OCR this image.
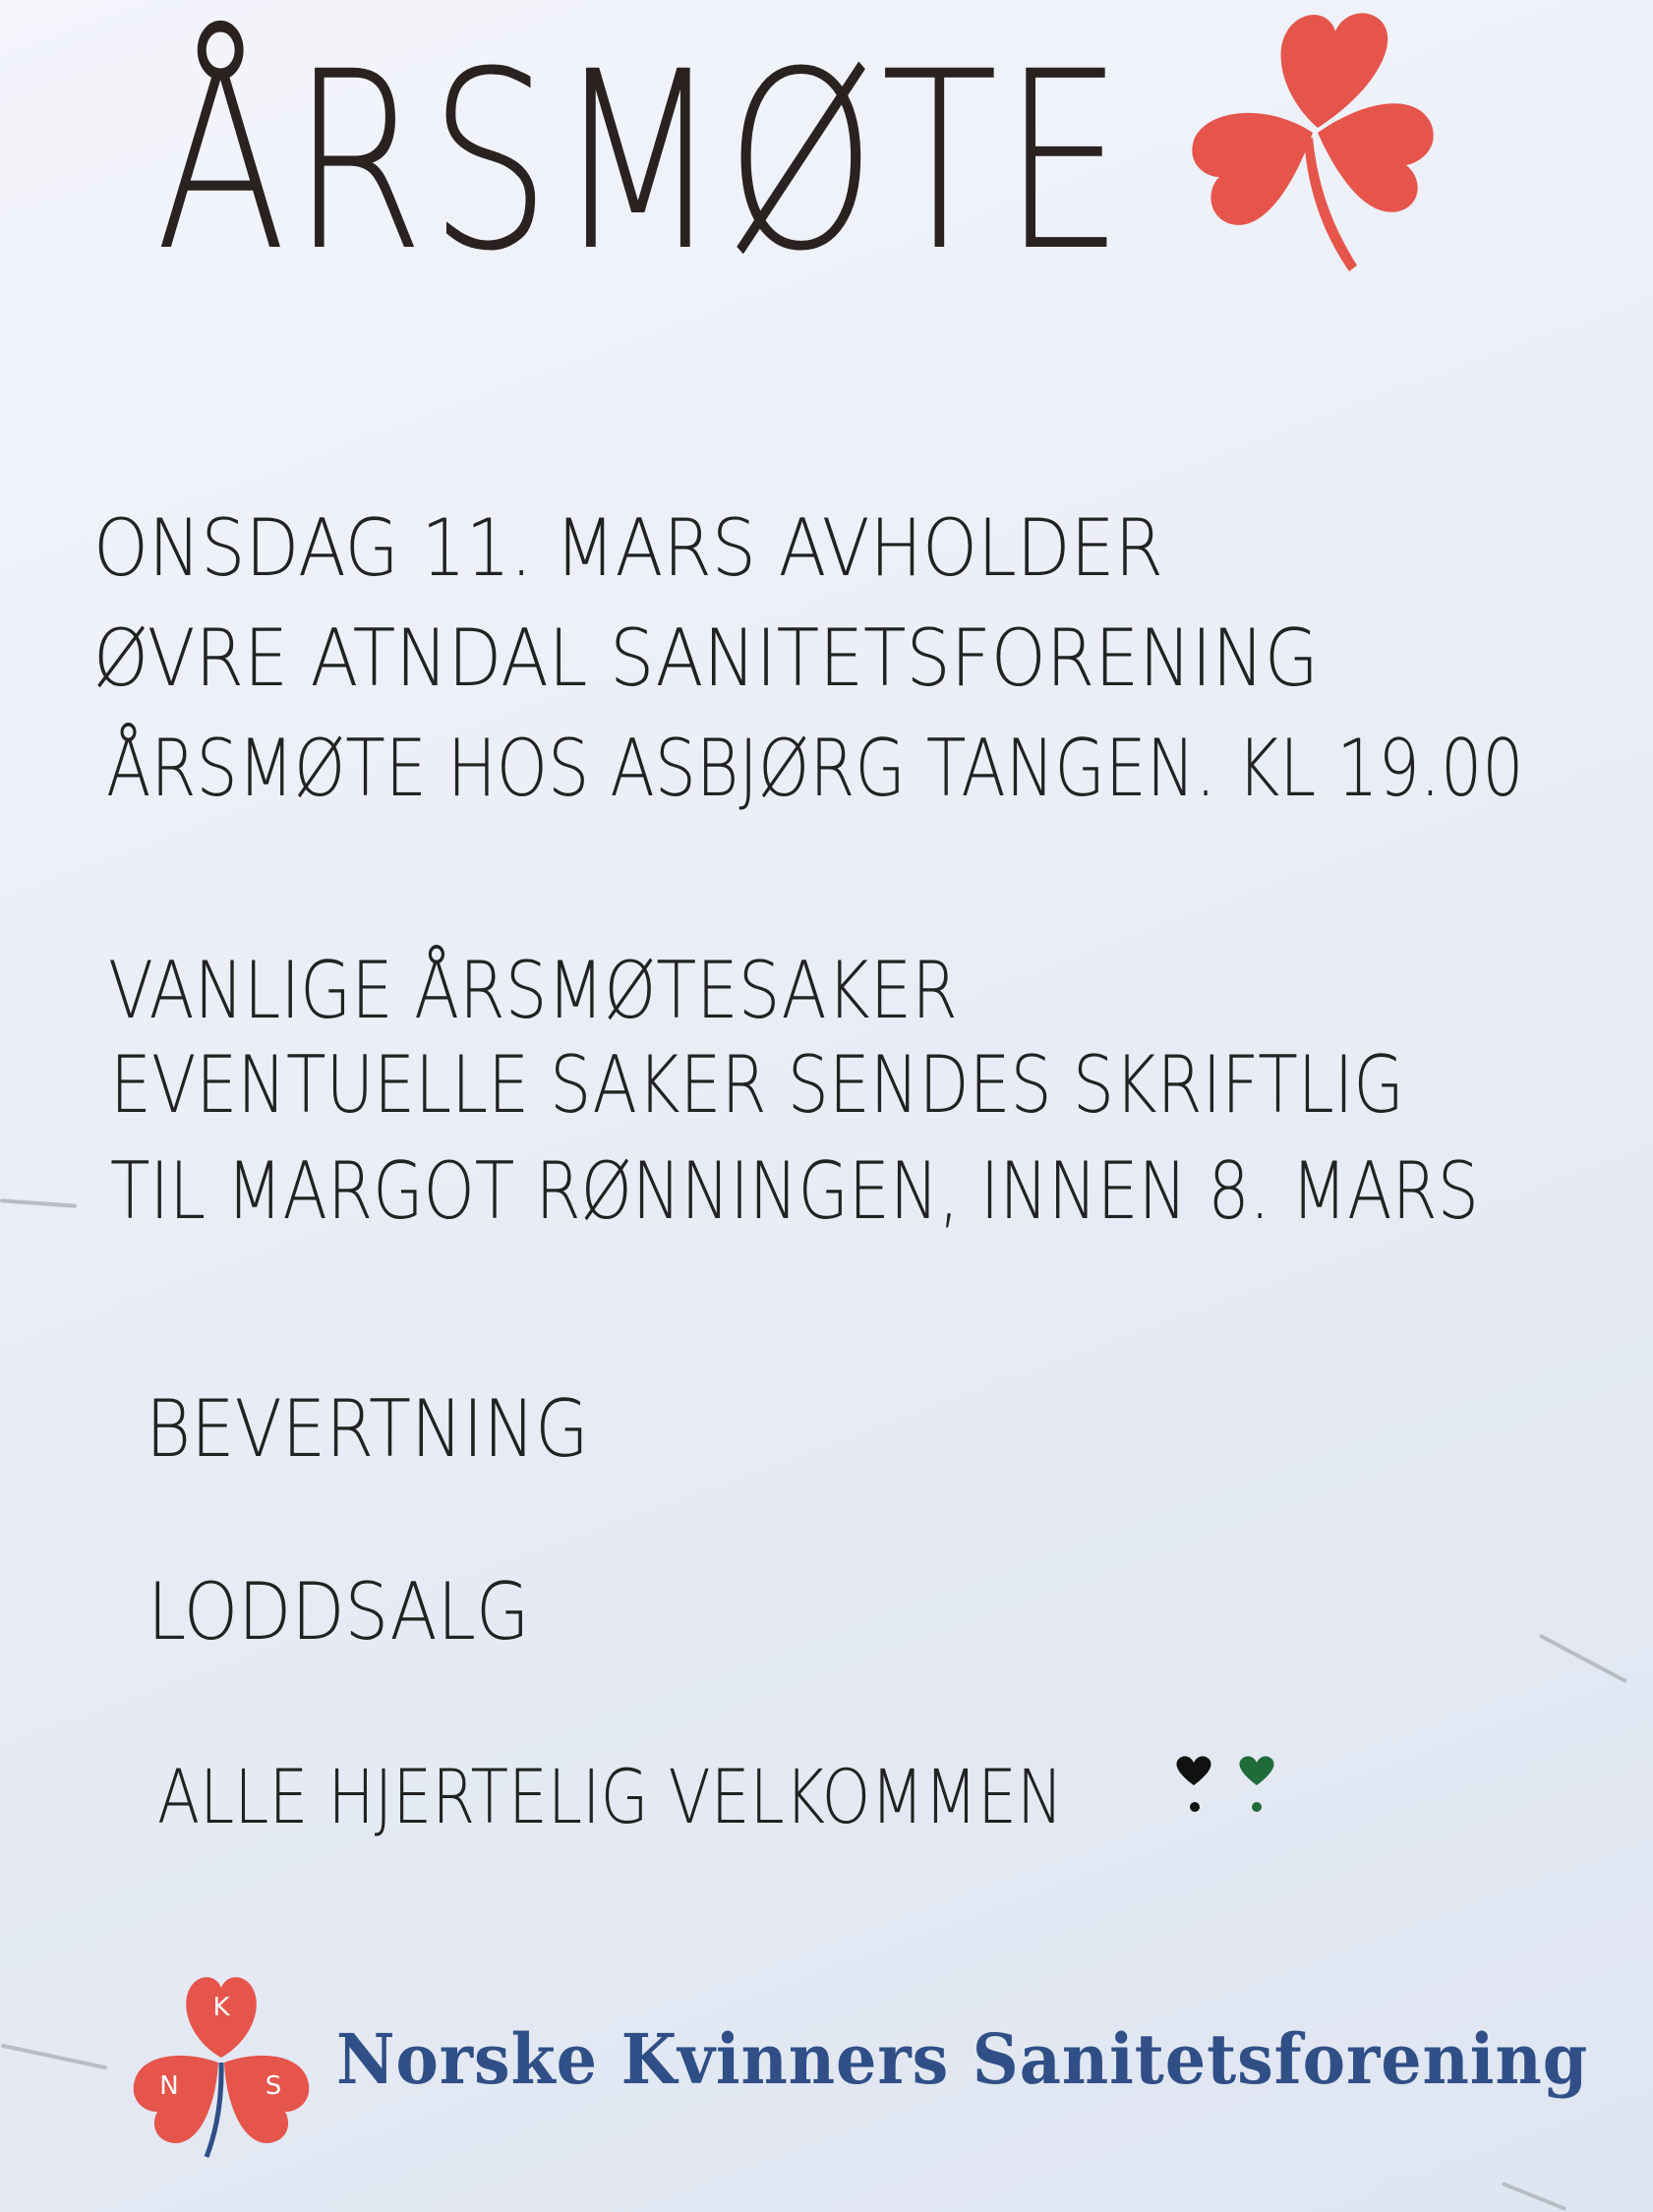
ÅRSMØTE
ONSDAG 11. MARS AVHOLDER
ØVRE ATNDAL SANITETSFORENING
ÅRSMØTE HOS ASBJØRG TANGEN. KL 19.00
VANLIGE ÅRSMØTESAKER
EVENTUELLE SAKER SENDES SKRIFTLIG
TIL MARGOT RØNNINGEN, INNEN 8. MARS
BEVERTNING
LODDSALG
ALLE HJERTELIG VELKOMMEN
K
N	S Norske Kvinners Sanitetsforening
